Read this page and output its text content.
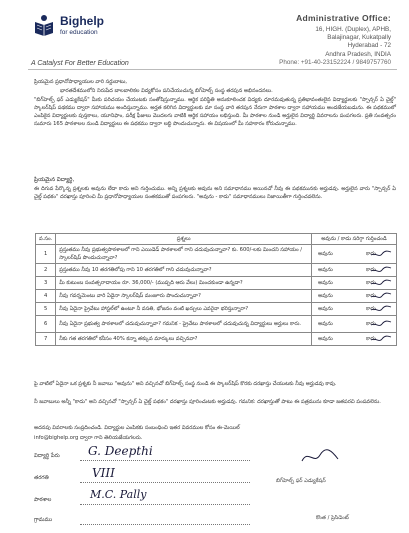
Bighelp
for education
A Catalyst For Better Education
Administrative Office:
16, HIGH. (Duplex), APHB,
Balajinagar, Kukatpally
Hyderabad - 72
Andhra Pradesh, INDIA
Phone: +91-40-23152224 / 9849757760
ప్రియమైన ప్రధానోపాధ్యాయుల వారి సర్దుబాటు,
భారతదేశములోని నిరుపేద బాలబాలికల విద్యకోసం పనిచేయుచున్న బిగ్‌హెల్ప్ సంస్థ తరపున అభినందనలు.
"బిగ్‌హెల్ప్ ఫర్ ఎడ్యుకేషన్" మీకు పరిచయం చేయుటకు సంతోషిస్తున్నాము. ఆర్థిక పరిస్థితి అనుకూలించక విద్యకు దూరమవుతున్న ప్రతిభావంతులైన విద్యార్థులకు "స్పాన్సర్ ఏ చైల్డ్" స్కాలర్‌షిప్ పథకము ద్వారా సహాయము అందిస్తున్నాము. అర్హత కలిగిన విద్యార్థులకు మా సంస్థ వారి తరపున నేరుగా పాఠశాల ద్వారా సహాయము అందజేయబడును. ఈ పథకములో ఎంపికైన విద్యార్థులకు పుస్తకాలు, యూనిఫాం, పరీక్ష ఫీజులు మొదలగు వాటికి ఆర్థిక సహాయం లభిస్తుంది. మీ పాఠశాల నుండి అర్హులైన విద్యార్థి వివరాలను పంపగలరు. ప్రతి సంవత్సరం సుమారు 165 పాఠశాలల నుండి విద్యార్థులు ఈ పథకము ద్వారా లబ్ధి పొందుచున్నారు. ఈ విషయంలో మీ సహకారం కోరుచున్నాము.
ప్రియమైన విద్యార్థి,
ఈ దిగువ పేర్కొన్న ప్రశ్నలకు అవును లేదా కాదు అని గుర్తించుము. అన్ని ప్రశ్నలకు అవును అని సమాధానము అయినచో నీవు ఈ పథకమునకు అర్హుడవు. అర్హులైన వారు "స్పాన్సర్ ఏ చైల్డ్ పథకం" దరఖాస్తు పూరించి మీ ప్రధానోపాధ్యాయుల సంతకముతో పంపగలరు. "అవును - కాదు" సమాధానములు నిజాయితీగా గుర్తించవలెను.
వ.సం.	ప్రశ్నలు	అవును / కాదు సరిగ్గా గుర్తించండి
1	ప్రస్తుతము నీవు ప్రభుత్వపాఠశాలలో గాని ఎయిడెడ్ పాఠశాలలో గాని చదువుచున్నావా? కు. 600/-లకు మించని సహాయం / స్కాలర్‌షిప్ పొందుచున్నావా?	అవును కాదు

2	ప్రస్తుతము నీవు 10 తరగతిలోపు గాని 10 తరగతిలో గాని చదువుచున్నావా?	అవును కాదు

3	మీ కుటుంబ సంవత్సరాదాయం రూ. 36,000/- (ముప్పది ఆరు వేలు) మించకుండా ఉన్నదా?	అవును కాదు

4	నీవు గవర్నమెంటు వారి ఏదైనా స్కాలర్‌షిప్ మంజూరు పొందుచున్నావా?	అవును కాదు

5	నీవు ఏదైనా ప్రైవేటు హాస్టల్‌లో ఉంటూ నీ వసతి, భోజనం వంటి ఖర్చులు ఎవరైనా భరిస్తున్నారా?	అవును కాదు

6	నీవు ఏదైనా ప్రభుత్వ పాఠశాలలో చదువుచున్నావా? గమనిక - ప్రైవేటు పాఠశాలలో చదువుచున్న విద్యార్థులు అర్హులు కారు.	అవును కాదు

7	నీకు గత తరగతిలో కనీసం 40% కన్నా తక్కువ మార్కులు వచ్చినవా?	అవును కాదు
పై వాటిలో ఏదైనా ఒక ప్రశ్నకు నీ జవాబు "అవును" అని వచ్చినచో బిగ్‌హెల్ప్ సంస్థ నుండి ఈ స్కాలర్‌షిప్ కొరకు దరఖాస్తు చేయుటకు నీవు అర్హుడవు కావు.
నీ జవాబులు అన్నీ "కాదు" అని వచ్చినచో "స్పాన్సర్ ఏ చైల్డ్ పథకం" దరఖాస్తు పూరించుటకు అర్హుడవు. గమనిక: దరఖాస్తుతో పాటు ఈ పత్రమును కూడా జతపరచి పంపవలెను.
అదనపు వివరాలకు సంప్రదించండి. విద్యార్థుల ఎంపికకు సంబంధించి ఇతర వివరముల కోసం ఈ-మెయిల్
info@bighelp.org ద్వారా గాని తెలియజేయగలరు.
విద్యార్థి పేరు G. Deepthi
తరగతి	VIII
పాఠశాల	M.C. Pally
గ్రామము
బిగ్‌హెల్ప్ ఫర్ ఎడ్యుకేషన్
కొంత / ప్రెసిడెంట్
